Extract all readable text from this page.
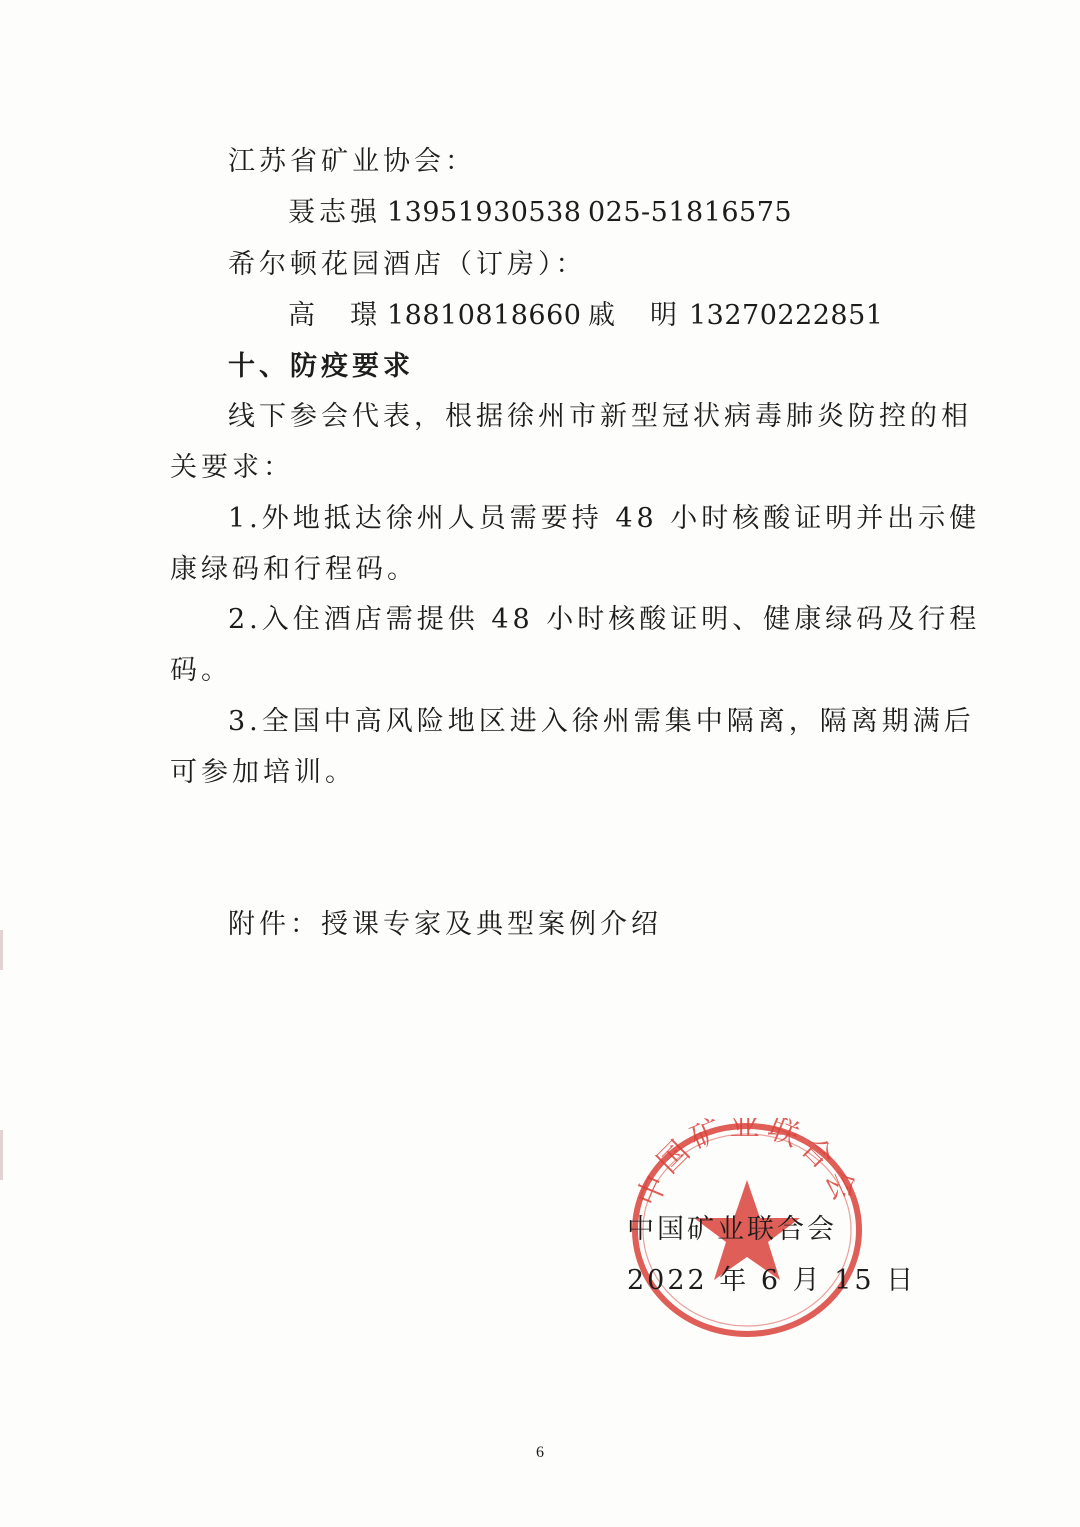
江苏省矿业协会：
聂志强 13951930538 025-51816575
希尔顿花园酒店（订房）：
高　璟 18810818660 戚　明 13270222851
十、防疫要求
线下参会代表，根据徐州市新型冠状病毒肺炎防控的相
关要求：
1.外地抵达徐州人员需要持 48 小时核酸证明并出示健
康绿码和行程码。
2.入住酒店需提供 48 小时核酸证明、健康绿码及行程
码。
3.全国中高风险地区进入徐州需集中隔离，隔离期满后
可参加培训。
附件：授课专家及典型案例介绍
中国矿业联合会
中国矿业联合会
2022 年 6 月 15 日
6
